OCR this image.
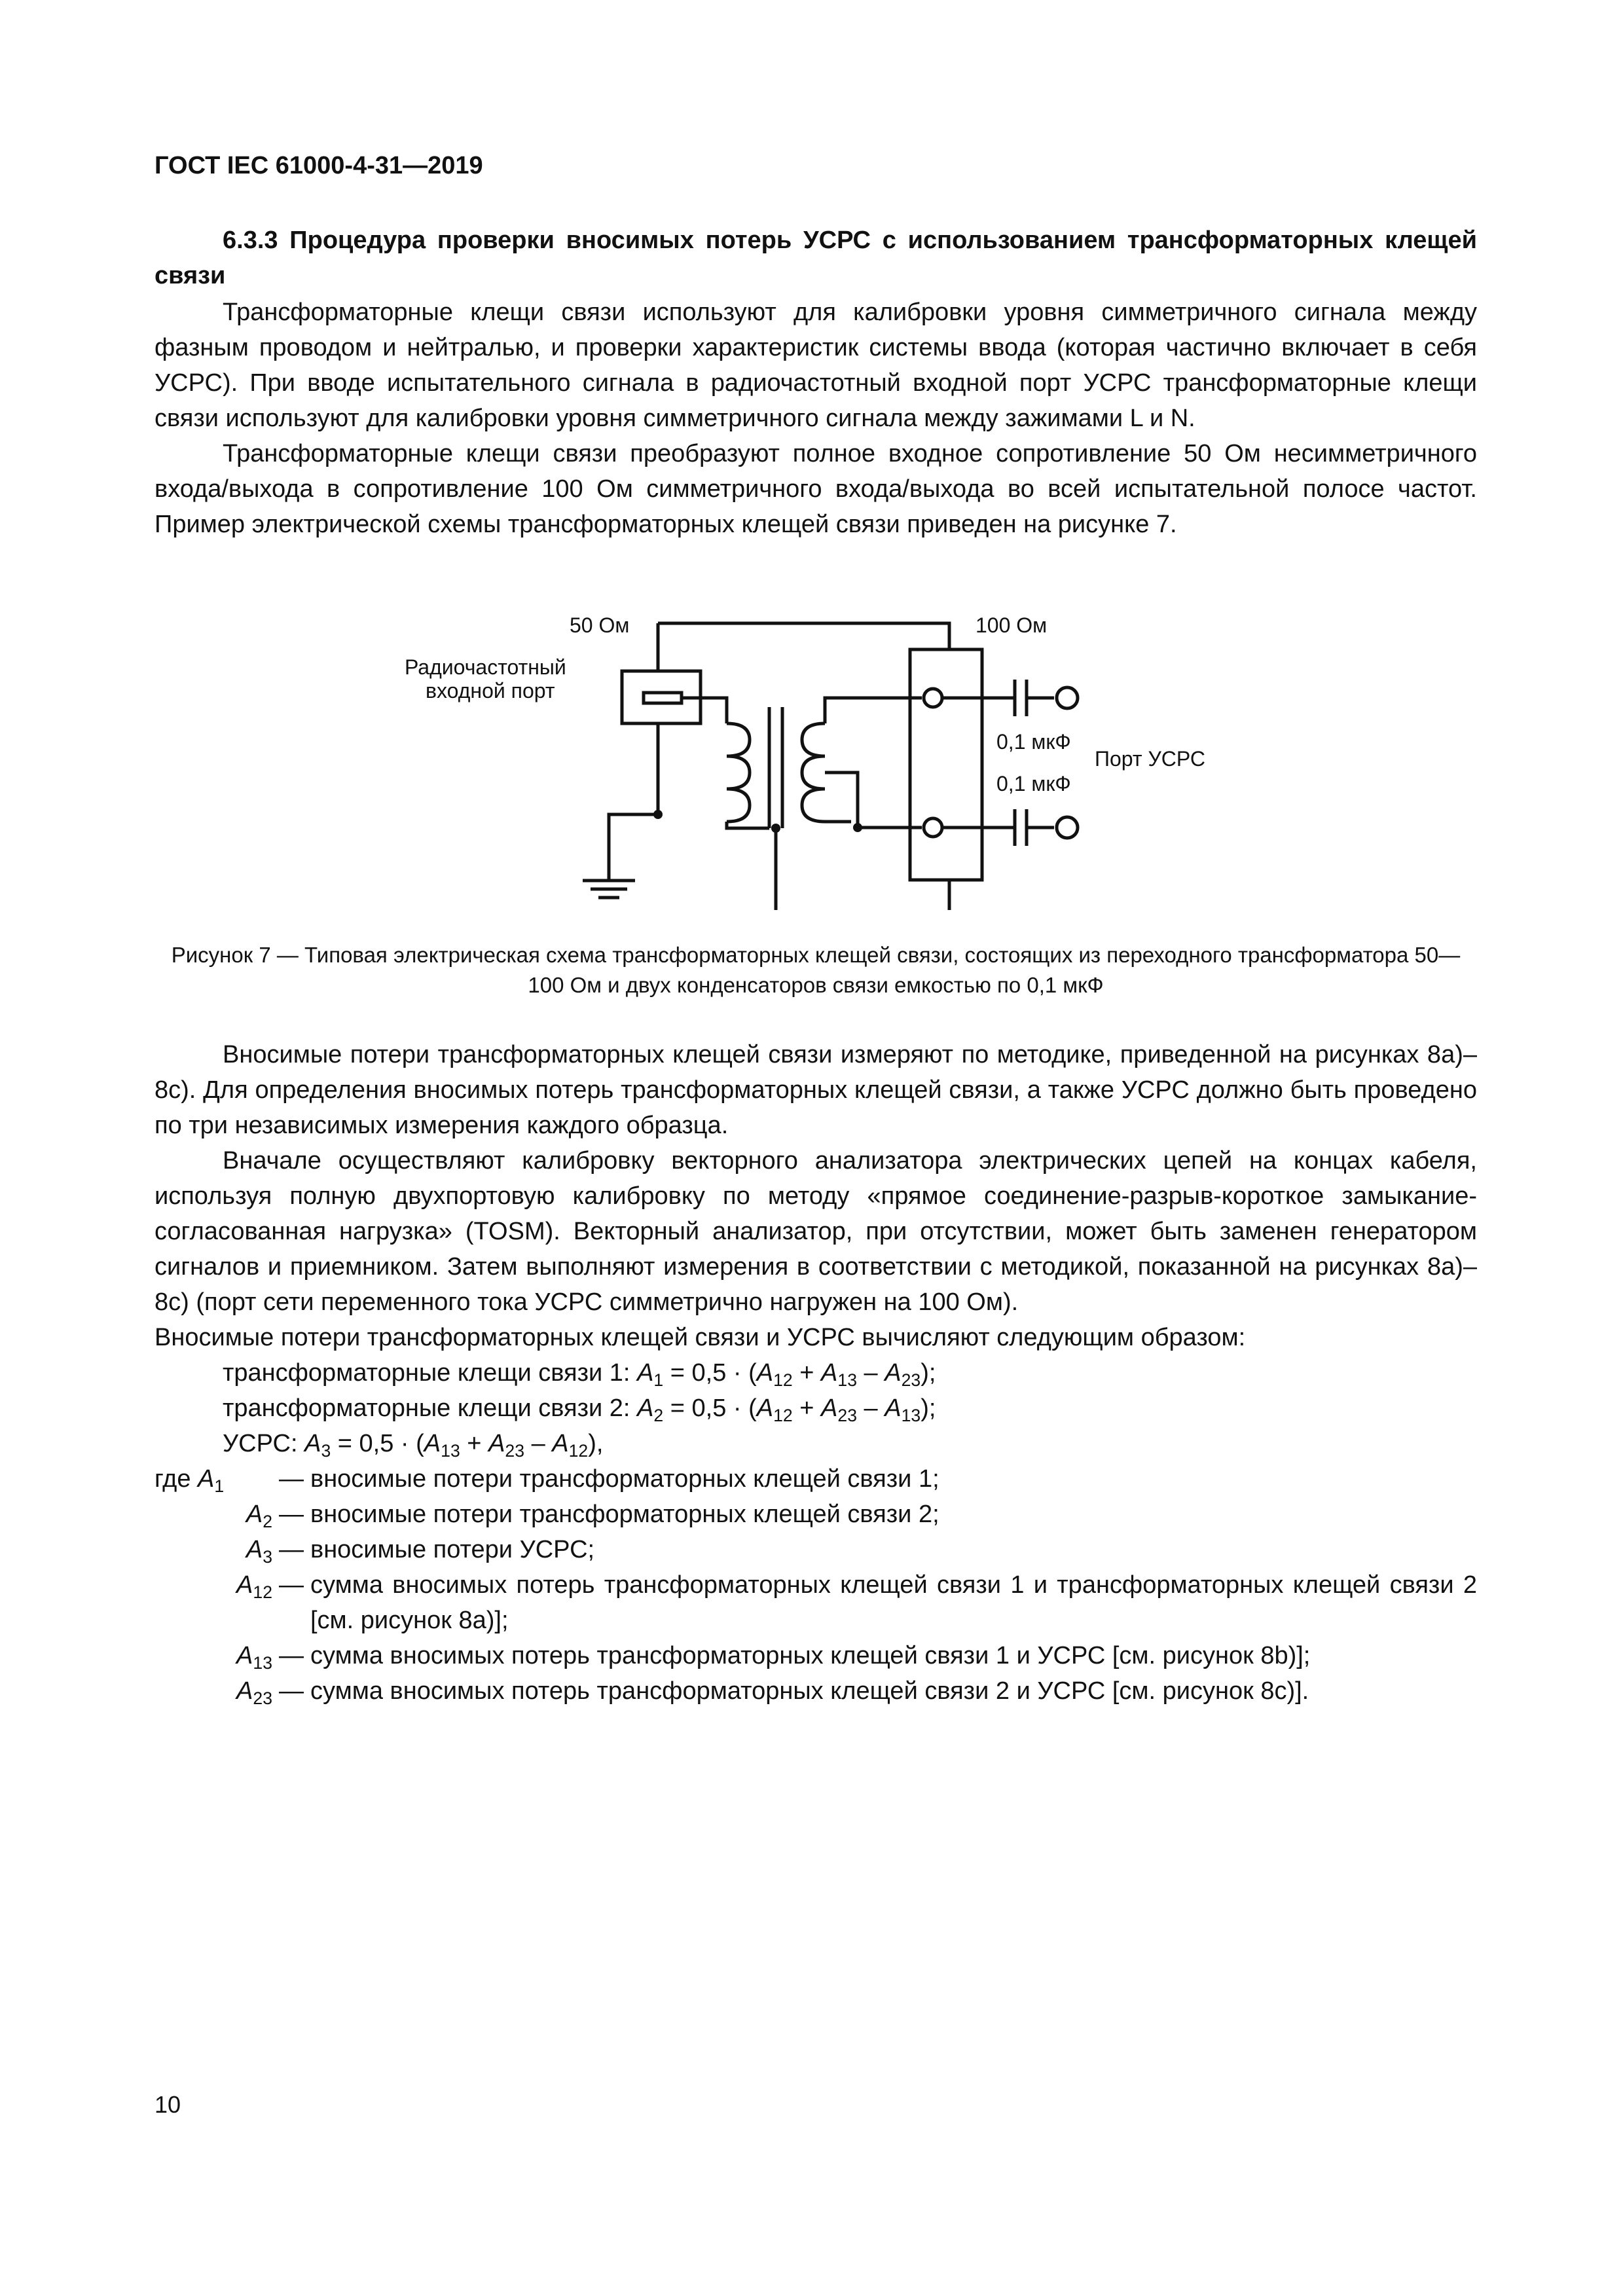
ГОСТ IEC 61000-4-31—2019
6.3.3 Процедура проверки вносимых потерь УСРС с использованием трансформаторных клещей связи

Трансформаторные клещи связи используют для калибровки уровня симметричного сигнала между фазным проводом и нейтралью, и проверки характеристик системы ввода (которая частично включает в себя УСРС). При вводе испытательного сигнала в радиочастотный входной порт УСРС трансформаторные клещи связи используют для калибровки уровня симметричного сигнала между зажимами L и N.

Трансформаторные клещи связи преобразуют полное входное сопротивление 50 Ом несимметричного входа/выхода в сопротивление 100 Ом симметричного входа/выхода во всей испытательной полосе частот. Пример электрической схемы трансформаторных клещей связи приведен на рисунке 7.

50 Ом	100 Ом
Радиочастотный
входной порт
0,1 мкФ
0,1 мкФ
Порт УСРС
Рисунок 7 — Типовая электрическая схема трансформаторных клещей связи, состоящих из переходного трансформатора 50—100 Ом и двух конденсаторов связи емкостью по 0,1 мкФ

Вносимые потери трансформаторных клещей связи измеряют по методике, приведенной на рисунках 8a)–8c). Для определения вносимых потерь трансформаторных клещей связи, а также УСРС должно быть проведено по три независимых измерения каждого образца.

Вначале осуществляют калибровку векторного анализатора электрических цепей на концах кабеля, используя полную двухпортовую калибровку по методу «прямое соединение-разрыв-короткое замыкание-согласованная нагрузка» (TOSM). Векторный анализатор, при отсутствии, может быть заменен генератором сигналов и приемником. Затем выполняют измерения в соответствии с методикой, показанной на рисунках 8a)–8c) (порт сети переменного тока УСРС симметрично нагружен на 100 Ом).

Вносимые потери трансформаторных клещей связи и УСРС вычисляют следующим образом:
трансформаторные клещи связи 1: $A_1 = 0,5 \cdot (A_{12} + A_{13} - A_{23})$;
трансформаторные клещи связи 2: $A_2 = 0,5 \cdot (A_{12} + A_{23} - A_{13})$;
УСРС: $A_3 = 0,5 \cdot (A_{13} + A_{23} - A_{12})$,
где $A_1$	— вносимые потери трансформаторных клещей связи 1;
$A_2$ — вносимые потери трансформаторных клещей связи 2;
$A_3$ — вносимые потери УСРС;
$A_{12}$ — сумма вносимых потерь трансформаторных клещей связи 1 и трансформаторных клещей связи 2 [см. рисунок 8a)];
$A_{13}$ — сумма вносимых потерь трансформаторных клещей связи 1 и УСРС [см. рисунок 8b)];
$A_{23}$ — сумма вносимых потерь трансформаторных клещей связи 2 и УСРС [см. рисунок 8c)].
10
